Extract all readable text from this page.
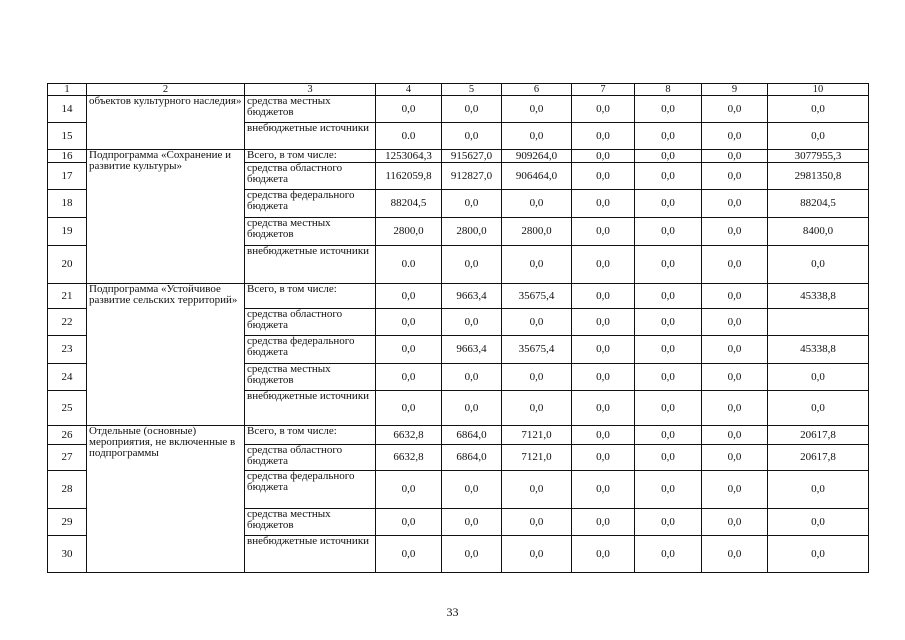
1	2	3	4	5	6	7	8	9	10
14	объектов культурного наследия»	средства местных бюджетов	0,0	0,0	0,0	0,0	0,0	0,0	0,0
15		внебюджетные источники	0.0	0,0	0,0	0,0	0,0	0,0	0,0
16	Подпрограмма «Сохранение и развитие культуры»	Всего, в том числе:	1253064,3	915627,0	909264,0	0,0	0,0	0,0	3077955,3
17		средства областного бюджета	1162059,8	912827,0	906464,0	0,0	0,0	0,0	2981350,8
18		средства федерального бюджета	88204,5	0,0	0,0	0,0	0,0	0,0	88204,5
19		средства местных бюджетов	2800,0	2800,0	2800,0	0,0	0,0	0,0	8400,0
20		внебюджетные источники	0.0	0,0	0,0	0,0	0,0	0,0	0,0
21	Подпрограмма «Устойчивое развитие сельских территорий»	Всего, в том числе:	0,0	9663,4	35675,4	0,0	0,0	0,0	45338,8
22		средства областного бюджета	0,0	0,0	0,0	0,0	0,0	0,0	
23		средства федерального бюджета	0,0	9663,4	35675,4	0,0	0,0	0,0	45338,8
24		средства местных бюджетов	0,0	0,0	0,0	0,0	0,0	0,0	0,0
25		внебюджетные источники	0,0	0,0	0,0	0,0	0,0	0,0	0,0
26	Отдельные (основные) мероприятия, не включенные в подпрограммы	Всего, в том числе:	6632,8	6864,0	7121,0	0,0	0,0	0,0	20617,8
27		средства областного бюджета	6632,8	6864,0	7121,0	0,0	0,0	0,0	20617,8
28		средства федерального бюджета	0,0	0,0	0,0	0,0	0,0	0,0	0,0
29		средства местных бюджетов	0,0	0,0	0,0	0,0	0,0	0,0	0,0
30		внебюджетные источники	0,0	0,0	0,0	0,0	0,0	0,0	0,0
33
